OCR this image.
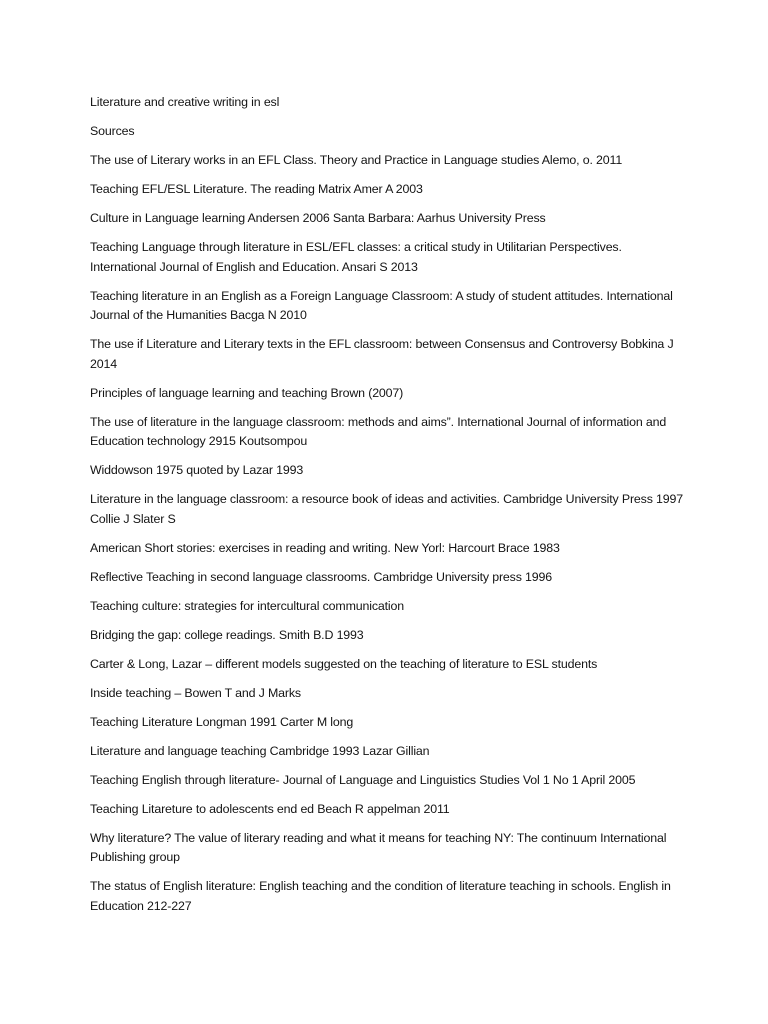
Literature and creative writing in esl

Sources

The use of Literary works in an EFL Class. Theory and Practice in Language studies Alemo, o. 2011

Teaching EFL/ESL Literature. The reading Matrix Amer A 2003

Culture in Language learning Andersen 2006 Santa Barbara: Aarhus University Press

Teaching Language through literature in ESL/EFL classes: a critical study in Utilitarian Perspectives. International Journal of English and Education. Ansari S 2013

Teaching literature in an English as a Foreign Language Classroom: A study of student attitudes. International Journal of the Humanities Bacga N 2010

The use if Literature and Literary texts in the EFL classroom: between Consensus and Controversy Bobkina J 2014

Principles of language learning and teaching Brown (2007)

The use of literature in the language classroom: methods and aims”. International Journal of information and Education technology 2915 Koutsompou

Widdowson 1975 quoted by Lazar 1993

Literature in the language classroom: a resource book of ideas and activities. Cambridge University Press 1997 Collie J Slater S

American Short stories: exercises in reading and writing. New Yorl: Harcourt Brace 1983

Reflective Teaching in second language classrooms. Cambridge University press 1996

Teaching culture: strategies for intercultural communication

Bridging the gap: college readings. Smith B.D 1993

Carter & Long, Lazar – different models suggested on the teaching of literature to ESL students

Inside teaching – Bowen T and J Marks

Teaching Literature Longman 1991 Carter M long

Literature and language teaching Cambridge 1993 Lazar Gillian

Teaching English through literature- Journal of Language and Linguistics Studies Vol 1 No 1 April 2005

Teaching Litareture to adolescents end ed Beach R appelman 2011

Why literature? The value of literary reading and what it means for teaching NY: The continuum International Publishing group

The status of English literature: English teaching and the condition of literature teaching in schools. English in Education 212-227
